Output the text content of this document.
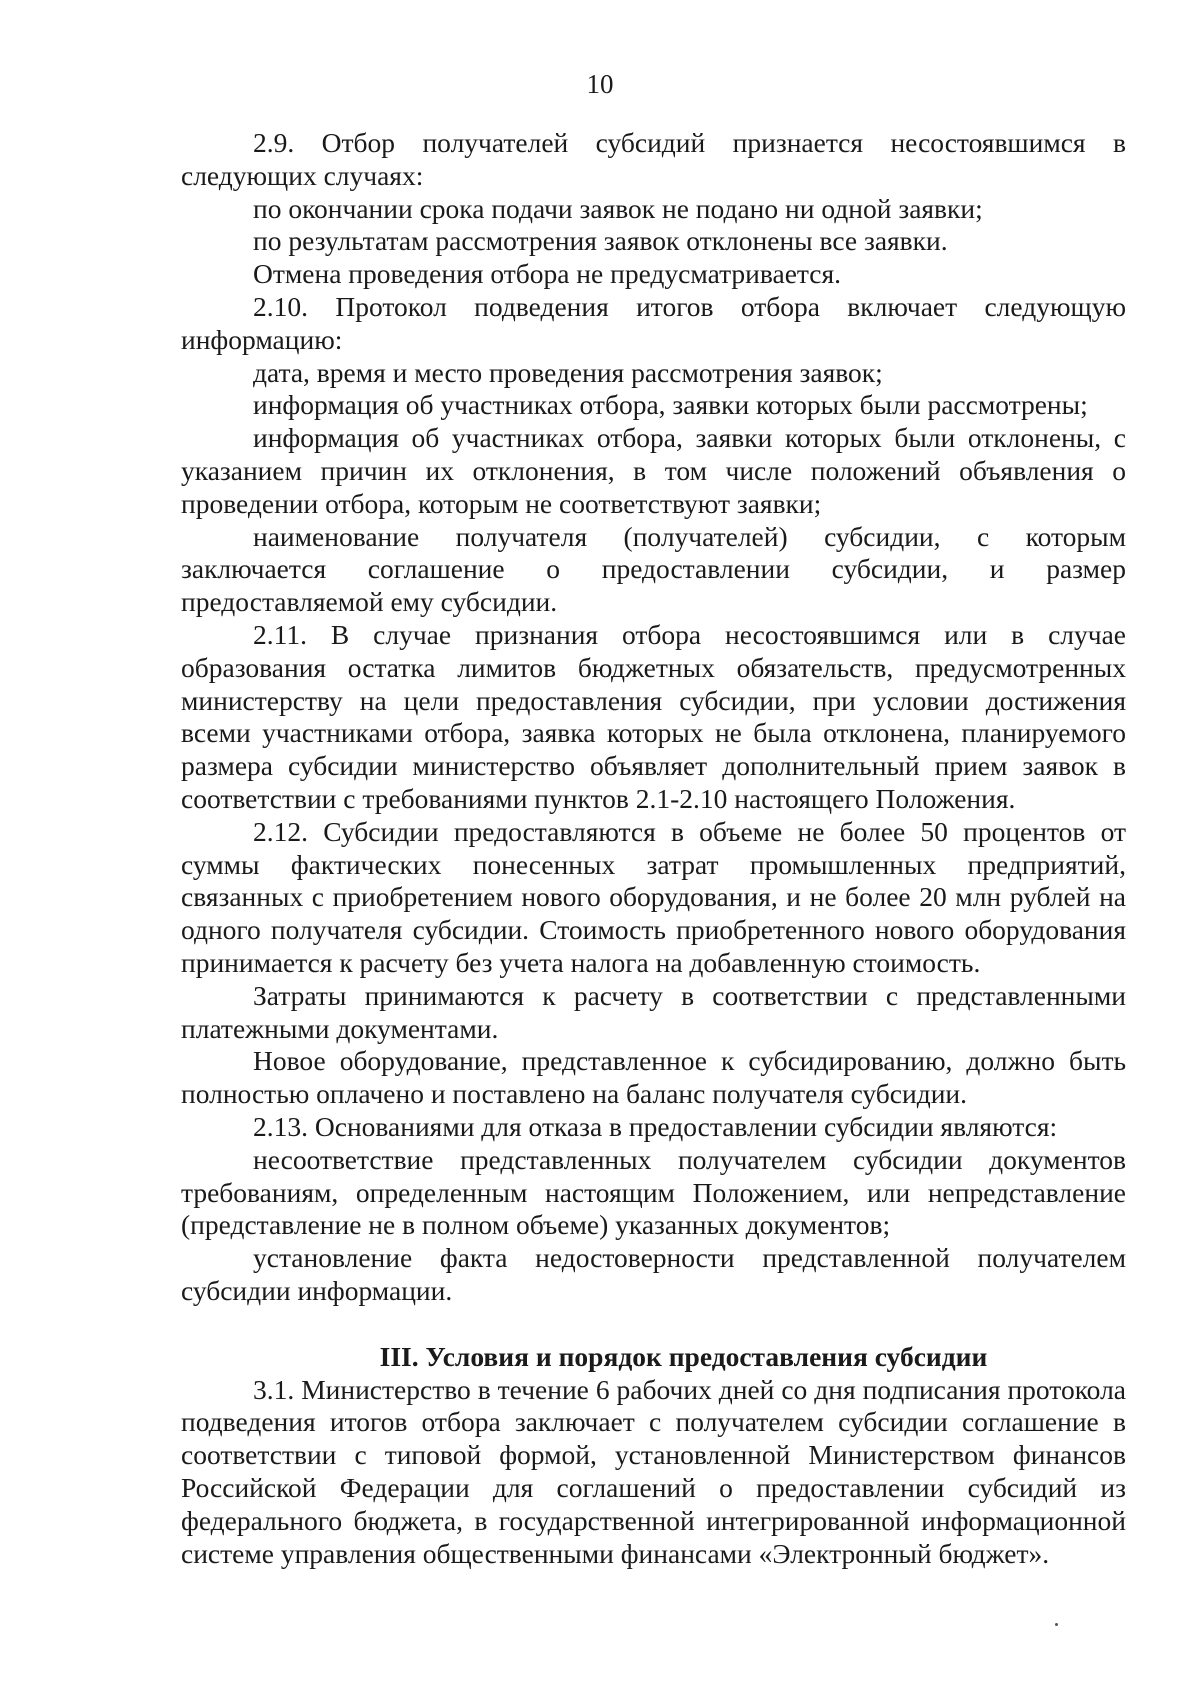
10

2.9. Отбор получателей субсидий признается несостоявшимся в следующих случаях:

по окончании срока подачи заявок не подано ни одной заявки;

по результатам рассмотрения заявок отклонены все заявки.

Отмена проведения отбора не предусматривается.

2.10. Протокол подведения итогов отбора включает следующую информацию:

дата, время и место проведения рассмотрения заявок;

информация об участниках отбора, заявки которых были рассмотрены;

информация об участниках отбора, заявки которых были отклонены, с указанием причин их отклонения, в том числе положений объявления о проведении отбора, которым не соответствуют заявки;

наименование получателя (получателей) субсидии, с которым заключается соглашение о предоставлении субсидии, и размер предоставляемой ему субсидии.

2.11. В случае признания отбора несостоявшимся или в случае образования остатка лимитов бюджетных обязательств, предусмотренных министерству на цели предоставления субсидии, при условии достижения всеми участниками отбора, заявка которых не была отклонена, планируемого размера субсидии министерство объявляет дополнительный прием заявок в соответствии с требованиями пунктов 2.1-2.10 настоящего Положения.

2.12. Субсидии предоставляются в объеме не более 50 процентов от суммы фактических понесенных затрат промышленных предприятий, связанных с приобретением нового оборудования, и не более 20 млн рублей на одного получателя субсидии. Стоимость приобретенного нового оборудования принимается к расчету без учета налога на добавленную стоимость.

Затраты принимаются к расчету в соответствии с представленными платежными документами.

Новое оборудование, представленное к субсидированию, должно быть полностью оплачено и поставлено на баланс получателя субсидии.

2.13. Основаниями для отказа в предоставлении субсидии являются:

несоответствие представленных получателем субсидии документов требованиям, определенным настоящим Положением, или непредставление (представление не в полном объеме) указанных документов;

установление факта недостоверности представленной получателем субсидии информации.

III. Условия и порядок предоставления субсидии

3.1. Министерство в течение 6 рабочих дней со дня подписания протокола подведения итогов отбора заключает с получателем субсидии соглашение в соответствии с типовой формой, установленной Министерством финансов Российской Федерации для соглашений о предоставлении субсидий из федерального бюджета, в государственной интегрированной информационной системе управления общественными финансами «Электронный бюджет».
